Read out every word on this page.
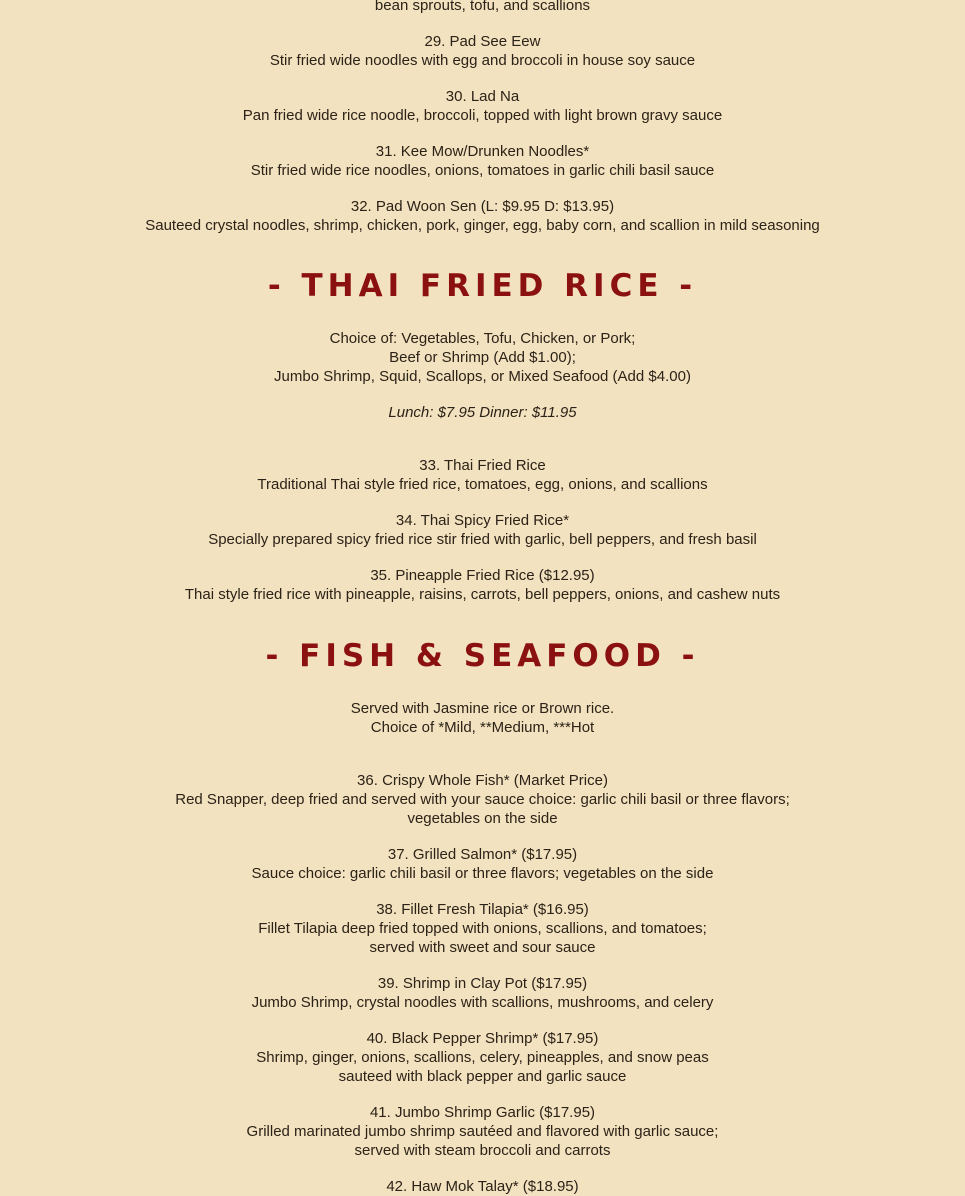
bean sprouts, tofu, and scallions

29. Pad See Eew

Stir fried wide noodles with egg and broccoli in house soy sauce

30. Lad Na

Pan fried wide rice noodle, broccoli, topped with light brown gravy sauce

31. Kee Mow/Drunken Noodles*

Stir fried wide rice noodles, onions, tomatoes in garlic chili basil sauce

32. Pad Woon Sen (L: $9.95 D: $13.95)

Sauteed crystal noodles, shrimp, chicken, pork, ginger, egg, baby corn, and scallion in mild seasoning

- THAI FRIED RICE -

Choice of: Vegetables, Tofu, Chicken, or Pork;

Beef or Shrimp (Add $1.00);

Jumbo Shrimp, Squid, Scallops, or Mixed Seafood (Add $4.00)

Lunch: $7.95 Dinner: $11.95

33. Thai Fried Rice

Traditional Thai style fried rice, tomatoes, egg, onions, and scallions

34. Thai Spicy Fried Rice*

Specially prepared spicy fried rice stir fried with garlic, bell peppers, and fresh basil

35. Pineapple Fried Rice ($12.95)

Thai style fried rice with pineapple, raisins, carrots, bell peppers, onions, and cashew nuts

- FISH & SEAFOOD -

Served with Jasmine rice or Brown rice.

Choice of *Mild, **Medium, ***Hot

36. Crispy Whole Fish* (Market Price)

Red Snapper, deep fried and served with your sauce choice: garlic chili basil or three flavors;

vegetables on the side

37. Grilled Salmon* ($17.95)

Sauce choice: garlic chili basil or three flavors; vegetables on the side

38. Fillet Fresh Tilapia* ($16.95)

Fillet Tilapia deep fried topped with onions, scallions, and tomatoes;

served with sweet and sour sauce

39. Shrimp in Clay Pot ($17.95)

Jumbo Shrimp, crystal noodles with scallions, mushrooms, and celery

40. Black Pepper Shrimp* ($17.95)

Shrimp, ginger, onions, scallions, celery, pineapples, and snow peas

sauteed with black pepper and garlic sauce

41. Jumbo Shrimp Garlic ($17.95)

Grilled marinated jumbo shrimp sautéed and flavored with garlic sauce;

served with steam broccoli and carrots

42. Haw Mok Talay* ($18.95)
